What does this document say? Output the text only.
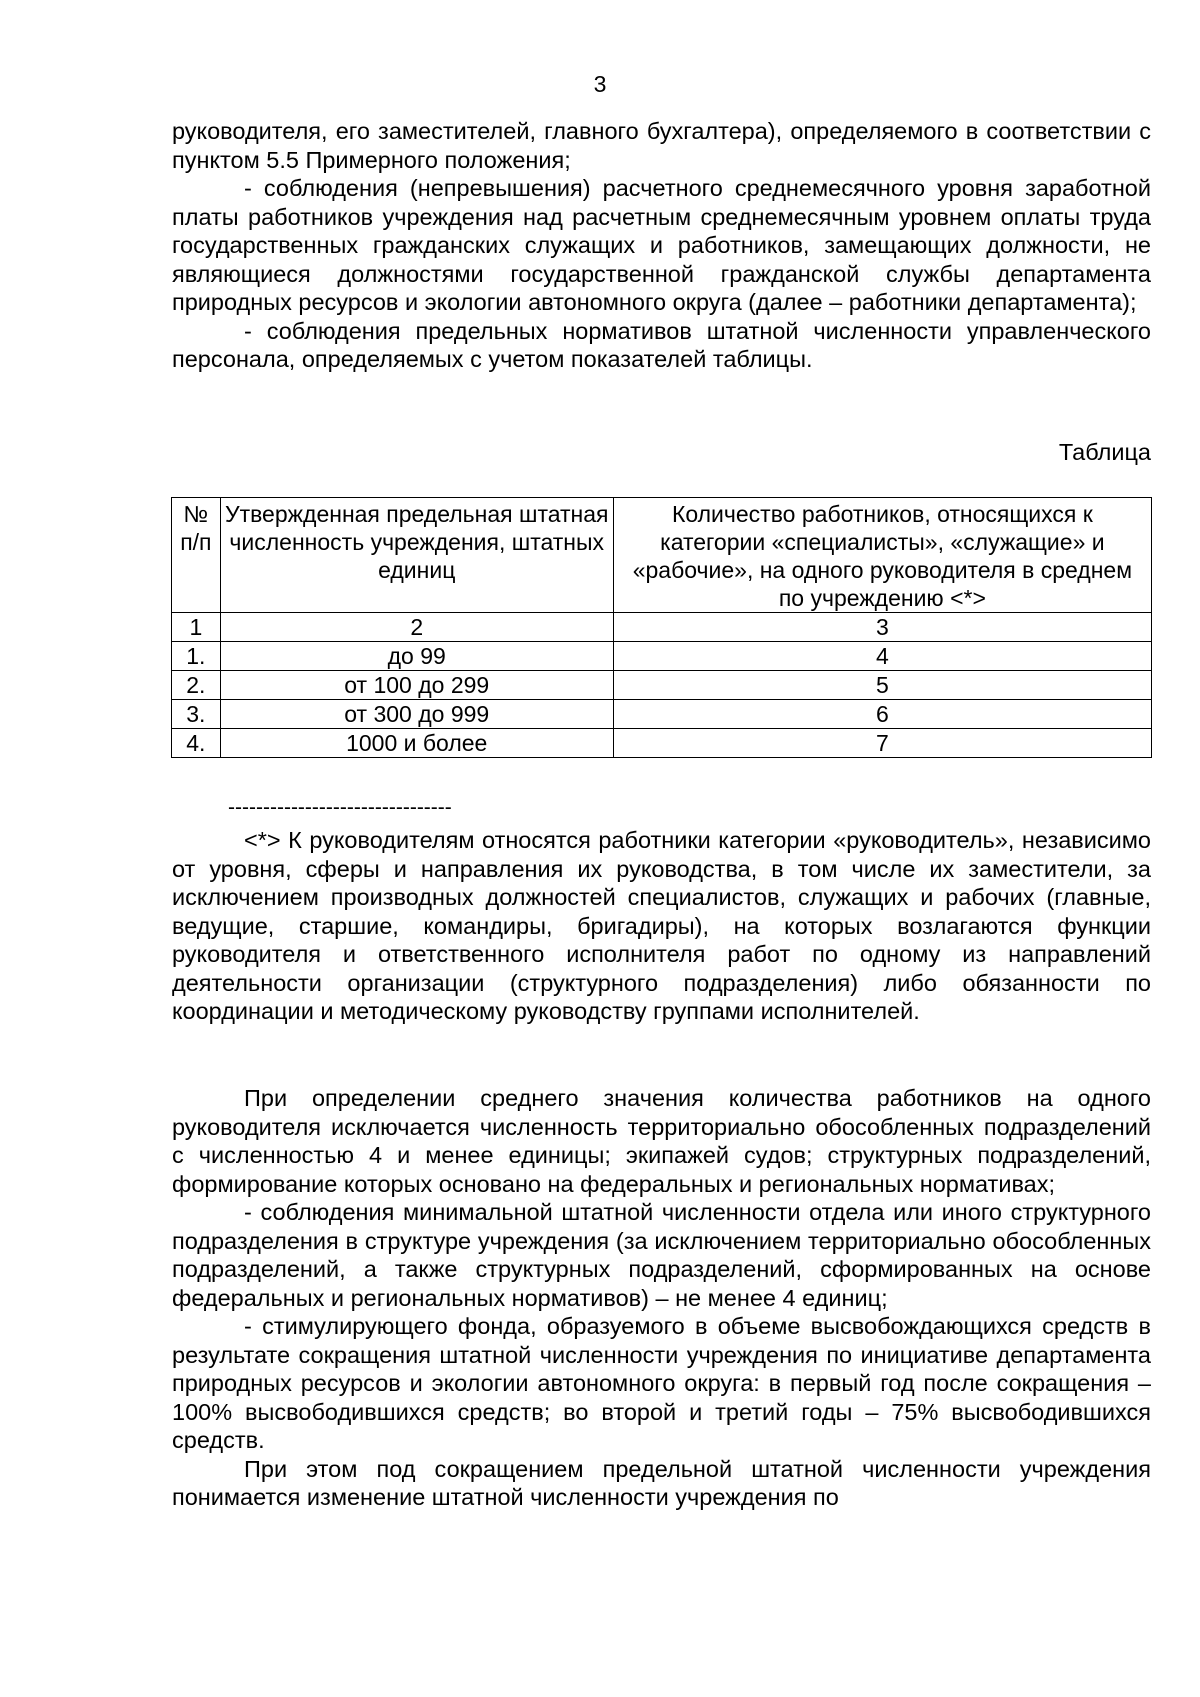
3

руководителя, его заместителей, главного бухгалтера), определяемого в соответствии с пунктом 5.5 Примерного положения;

- соблюдения (непревышения) расчетного среднемесячного уровня заработной платы работников учреждения над расчетным среднемесячным уровнем оплаты труда государственных гражданских служащих и работников, замещающих должности, не являющиеся должностями государственной гражданской службы департамента природных ресурсов и экологии автономного округа (далее – работники департамента);

- соблюдения предельных нормативов штатной численности управленческого персонала, определяемых с учетом показателей таблицы.

Таблица
№ п/п	Утвержденная предельная штатная численность учреждения, штатных единиц	Количество работников, относящихся к категории «специалисты», «служащие» и «рабочие», на одного руководителя в среднем по учреждению <*>
1	2	3
1.	до 99	4
2.	от 100 до 299	5
3.	от 300 до 999	6
4.	1000 и более	7
--------------------------------

<*> К руководителям относятся работники категории «руководитель», независимо от уровня, сферы и направления их руководства, в том числе их заместители, за исключением производных должностей специалистов, служащих и рабочих (главные, ведущие, старшие, командиры, бригадиры), на которых возлагаются функции руководителя и ответственного исполнителя работ по одному из направлений деятельности организации (структурного подразделения) либо обязанности по координации и методическому руководству группами исполнителей.

При определении среднего значения количества работников на одного руководителя исключается численность территориально обособленных подразделений с численностью 4 и менее единицы; экипажей судов; структурных подразделений, формирование которых основано на федеральных и региональных нормативах;

- соблюдения минимальной штатной численности отдела или иного структурного подразделения в структуре учреждения (за исключением территориально обособленных подразделений, а также структурных подразделений, сформированных на основе федеральных и региональных нормативов) – не менее 4 единиц;

- стимулирующего фонда, образуемого в объеме высвобождающихся средств в результате сокращения штатной численности учреждения по инициативе департамента природных ресурсов и экологии автономного округа: в первый год после сокращения – 100% высвободившихся средств; во второй и третий годы – 75% высвободившихся средств.

При этом под сокращением предельной штатной численности учреждения понимается изменение штатной численности учреждения по
